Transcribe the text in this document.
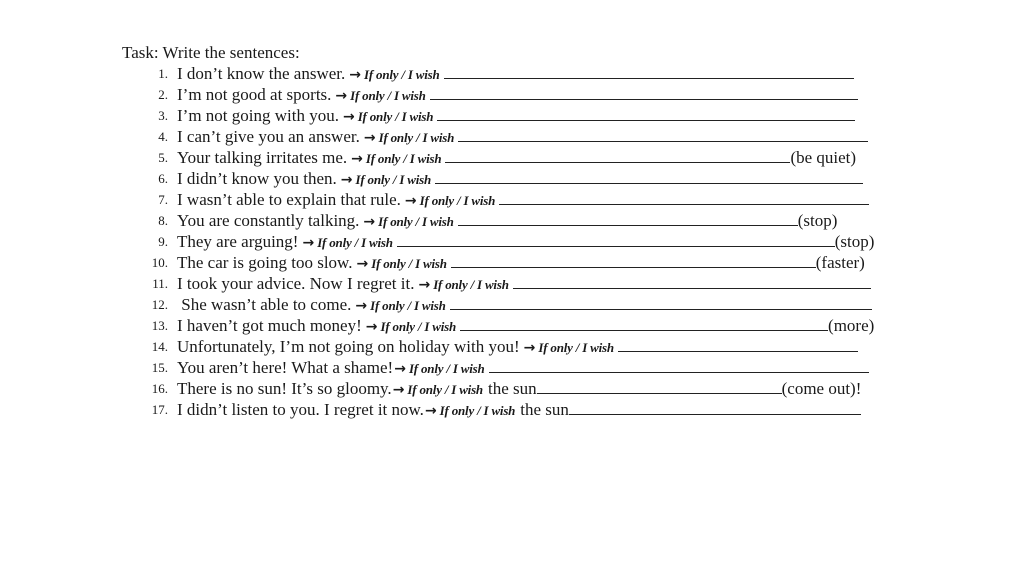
Task: Write the sentences:
1. I don’t know the answer. → If only / I wish
2. I’m not good at sports. → If only / I wish
3. I’m not going with you. → If only / I wish
4. I can’t give you an answer. → If only / I wish
5. Your talking irritates me. → If only / I wish	(be quiet)
6. I didn’t know you then. → If only / I wish
7. I wasn’t able to explain that rule. → If only / I wish
8. You are constantly talking. → If only / I wish	(stop)
9. They are arguing! → If only / I wish	(stop)
10. The car is going too slow. → If only / I wish	(faster)
11. I took your advice. Now I regret it. → If only / I wish
12. She wasn’t able to come. → If only / I wish
13. I haven’t got much money! → If only / I wish	(more)
14. Unfortunately, I’m not going on holiday with you! → If only / I wish
15. You aren’t here! What a shame! → If only / I wish
16. There is no sun! It’s so gloomy. → If only / I wish the sun	(come out)!
17. I didn’t listen to you. I regret it now. → If only / I wish the sun
